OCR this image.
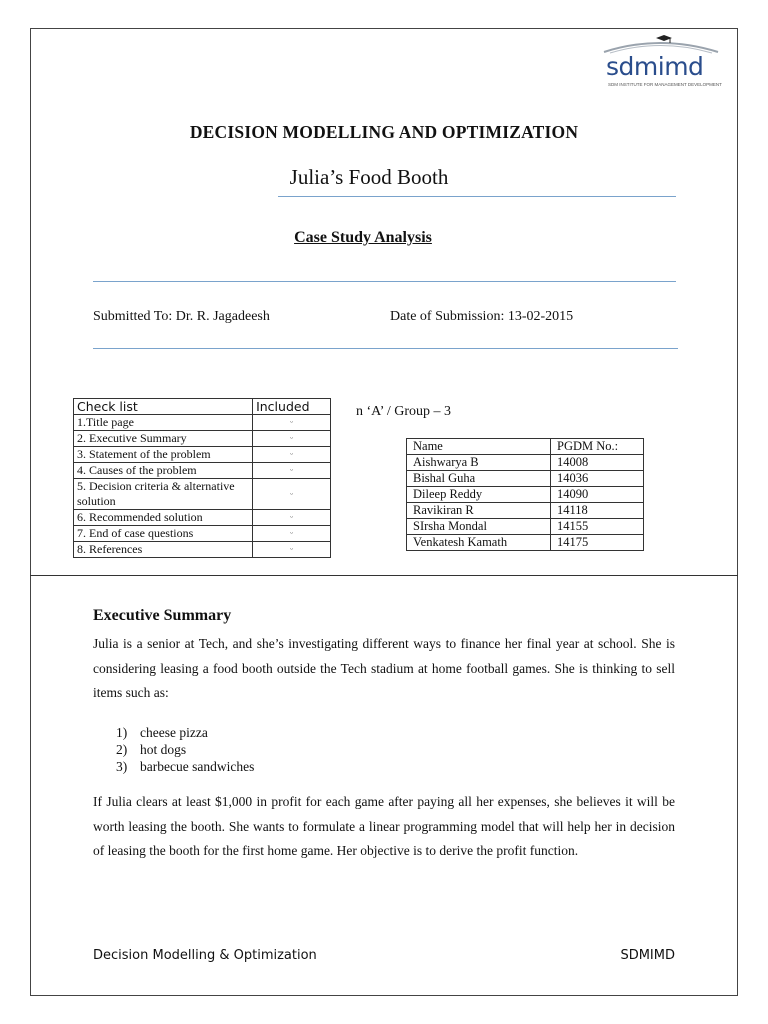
sdmimd
SDM INSTITUTE FOR MANAGEMENT DEVELOPMENT
DECISION MODELLING AND OPTIMIZATION
Julia’s Food Booth
Case Study Analysis
Submitted To: Dr. R. Jagadeesh	Date of Submission: 13-02-2015
Check list	Included
1.Title page	ᵕ
2. Executive Summary	ᵕ
3. Statement of the problem	ᵕ
4. Causes of the problem	ᵕ
5. Decision criteria & alternative solution	ᵕ
6. Recommended solution	ᵕ
7. End of case questions	ᵕ
8. References	ᵕ
n ‘A’ / Group – 3
Name	PGDM No.:
Aishwarya B	14008
Bishal Guha	14036
Dileep Reddy	14090
Ravikiran R	14118
SIrsha Mondal	14155
Venkatesh Kamath	14175
Executive Summary
Julia is a senior at Tech, and she’s investigating different ways to finance her final year at school. She is considering leasing a food booth outside the Tech stadium at home football games. She is thinking to sell items such as:
1) cheese pizza
2) hot dogs
3) barbecue sandwiches
If Julia clears at least $1,000 in profit for each game after paying all her expenses, she believes it will be worth leasing the booth. She wants to formulate a linear programming model that will help her in decision of leasing the booth for the first home game. Her objective is to derive the profit function.
Decision Modelling & Optimization	SDMIMD
